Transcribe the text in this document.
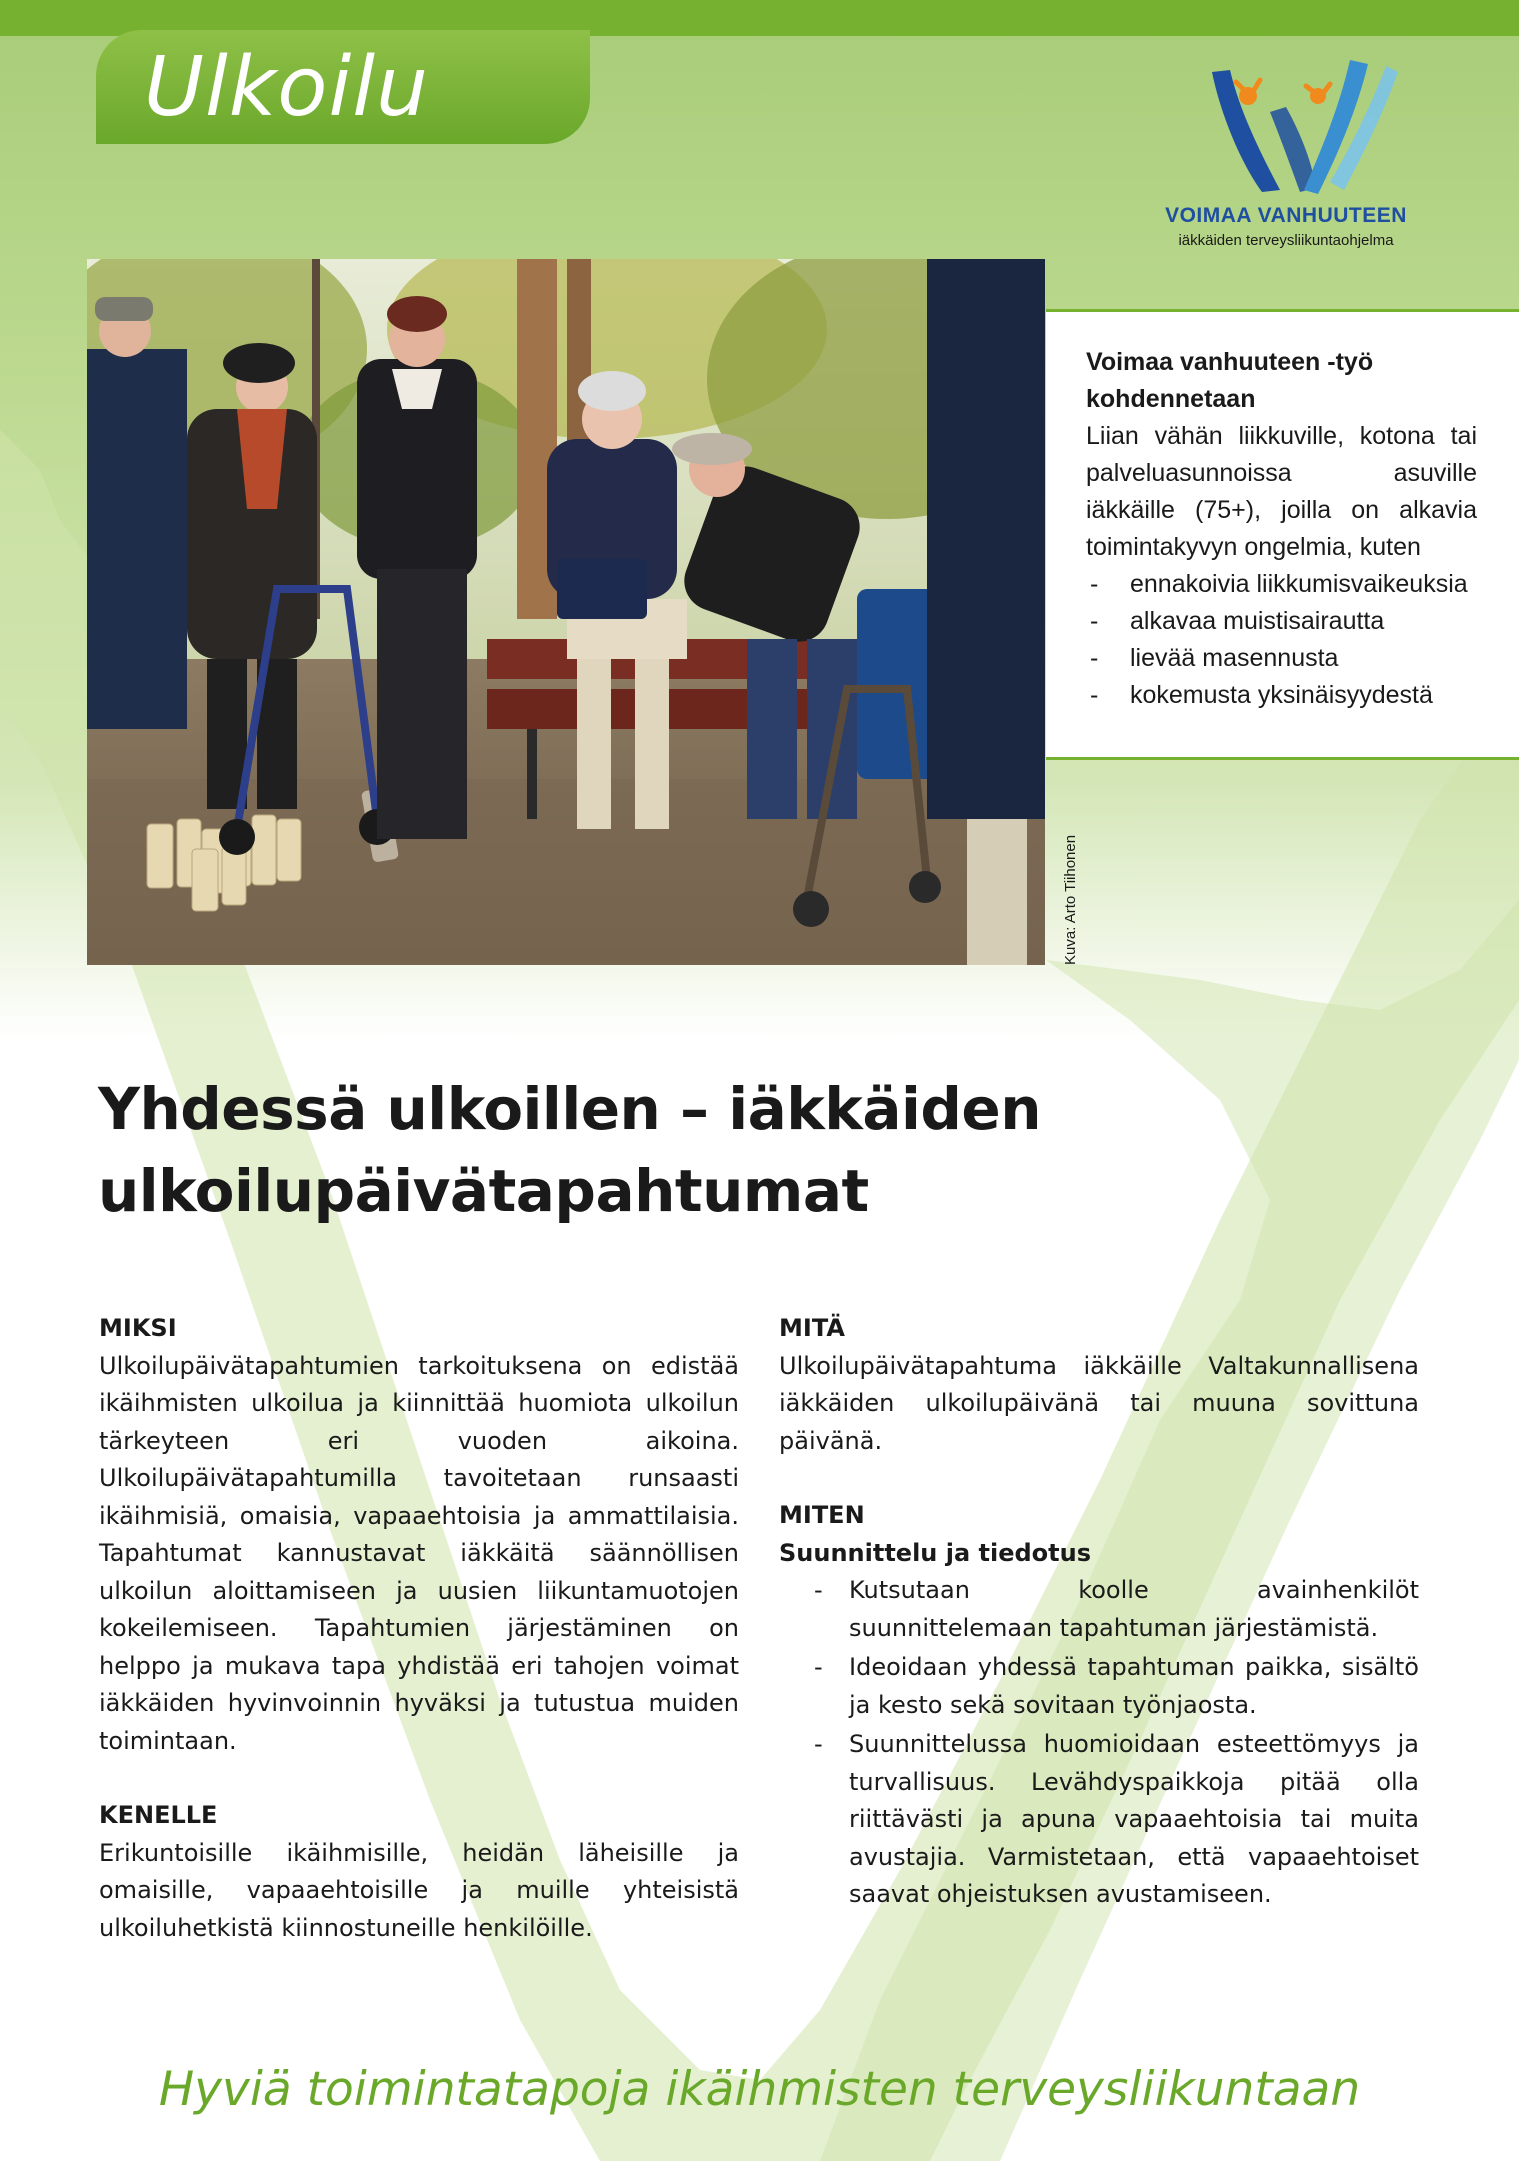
Ulkoilu
VOIMAA VANHUUTEEN
iäkkäiden terveysliikuntaohjelma
Kuva: Arto Tiihonen
Voimaa vanhuuteen -työ
kohdennetaan
Liian vähän liikkuville, kotona tai palveluasunnoissa asuville iäkkäille (75+), joilla on alkavia toimintakyvyn ongelmia, kuten
- ennakoivia liikkumisvaikeuksia
- alkavaa muistisairautta
- lievää masennusta
- kokemusta yksinäisyydestä
Yhdessä ulkoillen – iäkkäiden
ulkoilupäivätapahtumat
MIKSI
Ulkoilupäivätapahtumien tarkoituksena on edistää ikäihmisten ulkoilua ja kiinnittää huomiota ulkoilun tärkeyteen eri vuoden aikoina. Ulkoilupäivätapahtumilla tavoitetaan runsaasti ikäihmisiä, omaisia, vapaaehtoisia ja ammattilaisia. Tapahtumat kannustavat iäkkäitä säännöllisen ulkoilun aloittamiseen ja uusien liikuntamuotojen kokeilemiseen. Tapahtumien järjestäminen on helppo ja mukava tapa yhdistää eri tahojen voimat iäkkäiden hyvinvoinnin hyväksi ja tutustua muiden toimintaan.
KENELLE
Erikuntoisille ikäihmisille, heidän läheisille ja omaisille, vapaaehtoisille ja muille yhteisistä ulkoiluhetkistä kiinnostuneille henkilöille.
MITÄ
Ulkoilupäivätapahtuma iäkkäille Valtakunnallisena iäkkäiden ulkoilupäivänä tai muuna sovittuna päivänä.
MITEN
Suunnittelu ja tiedotus
- Kutsutaan koolle avainhenkilöt suunnittelemaan tapahtuman järjestämistä.
- Ideoidaan yhdessä tapahtuman paikka, sisältö ja kesto sekä sovitaan työnjaosta.
- Suunnittelussa huomioidaan esteettömyys ja turvallisuus. Levähdyspaikkoja pitää olla riittävästi ja apuna vapaaehtoisia tai muita avustajia. Varmistetaan, että vapaaehtoiset saavat ohjeistuksen avustamiseen.
Hyviä toimintatapoja ikäihmisten terveysliikuntaan
